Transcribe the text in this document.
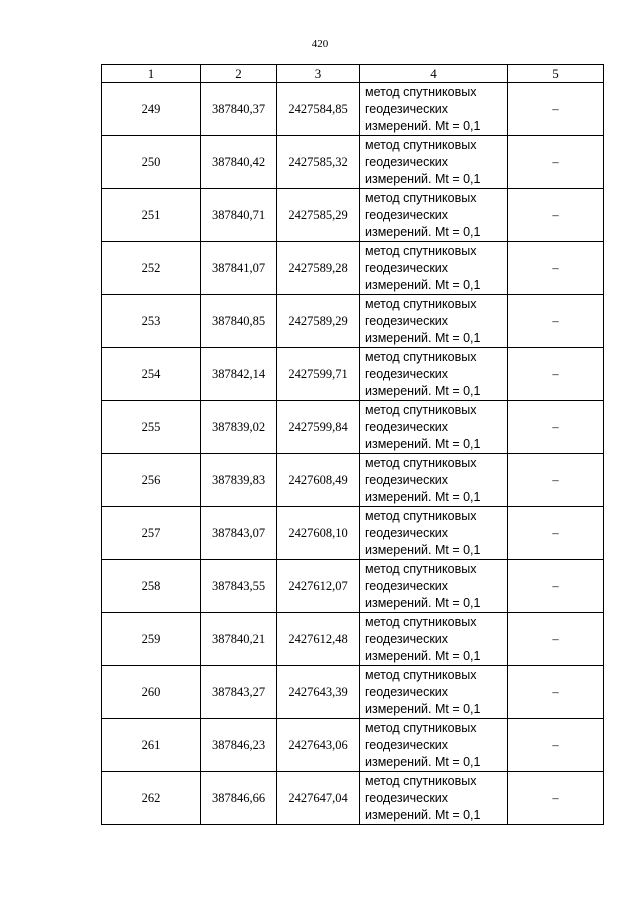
420
1	2	3	4	5
249	387840,37	2427584,85	метод спутниковых
геодезических
измерений. Mt = 0,1	–
250	387840,42	2427585,32	метод спутниковых
геодезических
измерений. Mt = 0,1	–
251	387840,71	2427585,29	метод спутниковых
геодезических
измерений. Mt = 0,1	–
252	387841,07	2427589,28	метод спутниковых
геодезических
измерений. Mt = 0,1	–
253	387840,85	2427589,29	метод спутниковых
геодезических
измерений. Mt = 0,1	–
254	387842,14	2427599,71	метод спутниковых
геодезических
измерений. Mt = 0,1	–
255	387839,02	2427599,84	метод спутниковых
геодезических
измерений. Mt = 0,1	–
256	387839,83	2427608,49	метод спутниковых
геодезических
измерений. Mt = 0,1	–
257	387843,07	2427608,10	метод спутниковых
геодезических
измерений. Mt = 0,1	–
258	387843,55	2427612,07	метод спутниковых
геодезических
измерений. Mt = 0,1	–
259	387840,21	2427612,48	метод спутниковых
геодезических
измерений. Mt = 0,1	–
260	387843,27	2427643,39	метод спутниковых
геодезических
измерений. Mt = 0,1	–
261	387846,23	2427643,06	метод спутниковых
геодезических
измерений. Mt = 0,1	–
262	387846,66	2427647,04	метод спутниковых
геодезических
измерений. Mt = 0,1	–
